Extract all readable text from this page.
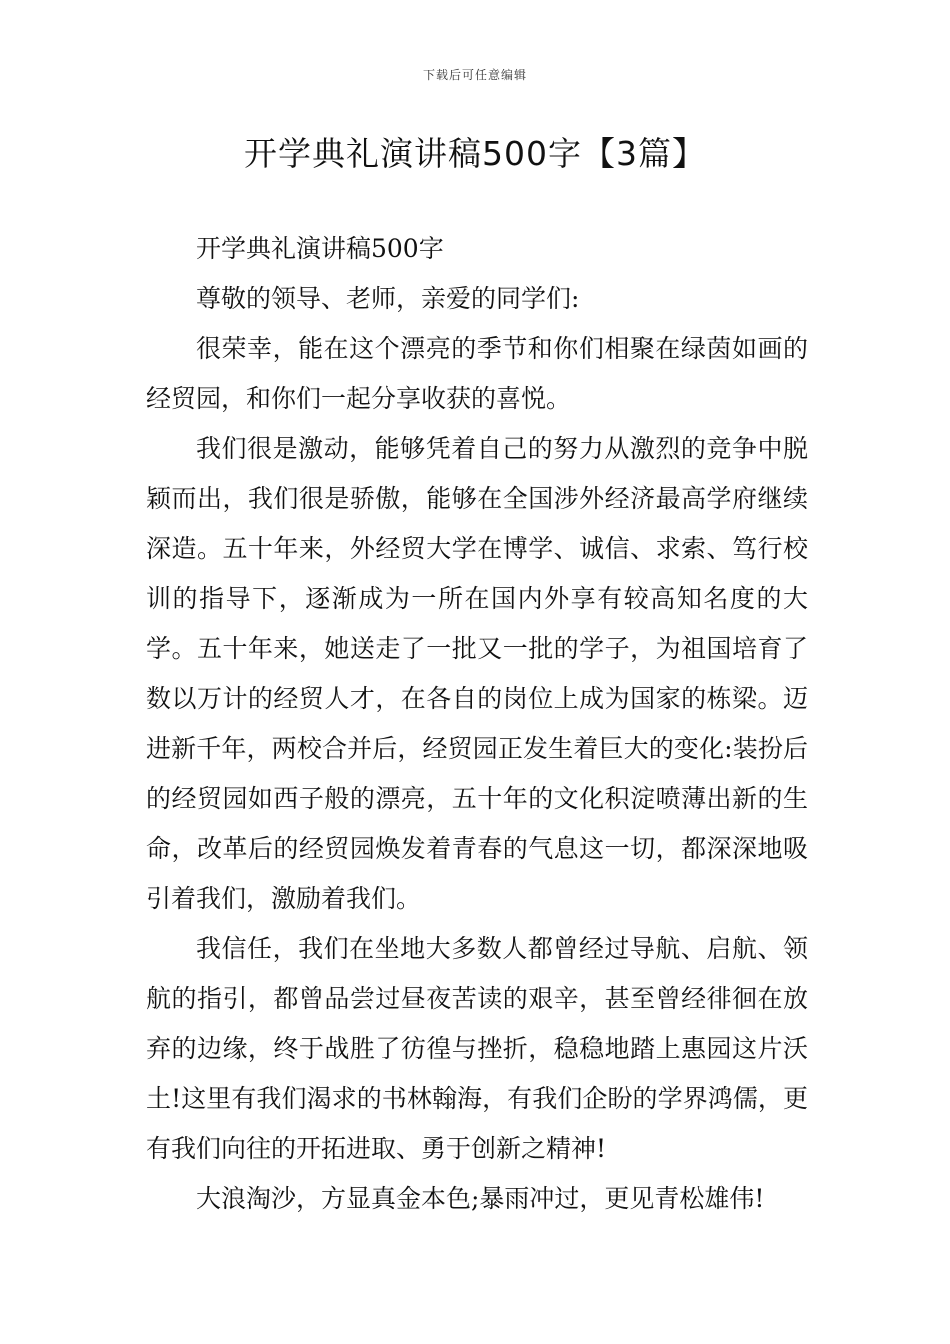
下载后可任意编辑
开学典礼演讲稿500字【3篇】

开学典礼演讲稿500字

尊敬的领导、老师，亲爱的同学们:

很荣幸，能在这个漂亮的季节和你们相聚在绿茵如画的经贸园，和你们一起分享收获的喜悦。

我们很是激动，能够凭着自己的努力从激烈的竞争中脱颖而出，我们很是骄傲，能够在全国涉外经济最高学府继续深造。五十年来，外经贸大学在博学、诚信、求索、笃行校训的指导下，逐渐成为一所在国内外享有较高知名度的大学。五十年来，她送走了一批又一批的学子，为祖国培育了数以万计的经贸人才，在各自的岗位上成为国家的栋梁。迈进新千年，两校合并后，经贸园正发生着巨大的变化:装扮后的经贸园如西子般的漂亮，五十年的文化积淀喷薄出新的生命，改革后的经贸园焕发着青春的气息这一切，都深深地吸引着我们，激励着我们。

我信任，我们在坐地大多数人都曾经过导航、启航、领航的指引，都曾品尝过昼夜苦读的艰辛，甚至曾经徘徊在放弃的边缘，终于战胜了彷徨与挫折，稳稳地踏上惠园这片沃土!这里有我们渴求的书林翰海，有我们企盼的学界鸿儒，更有我们向往的开拓进取、勇于创新之精神!

大浪淘沙，方显真金本色;暴雨冲过，更见青松雄伟!
